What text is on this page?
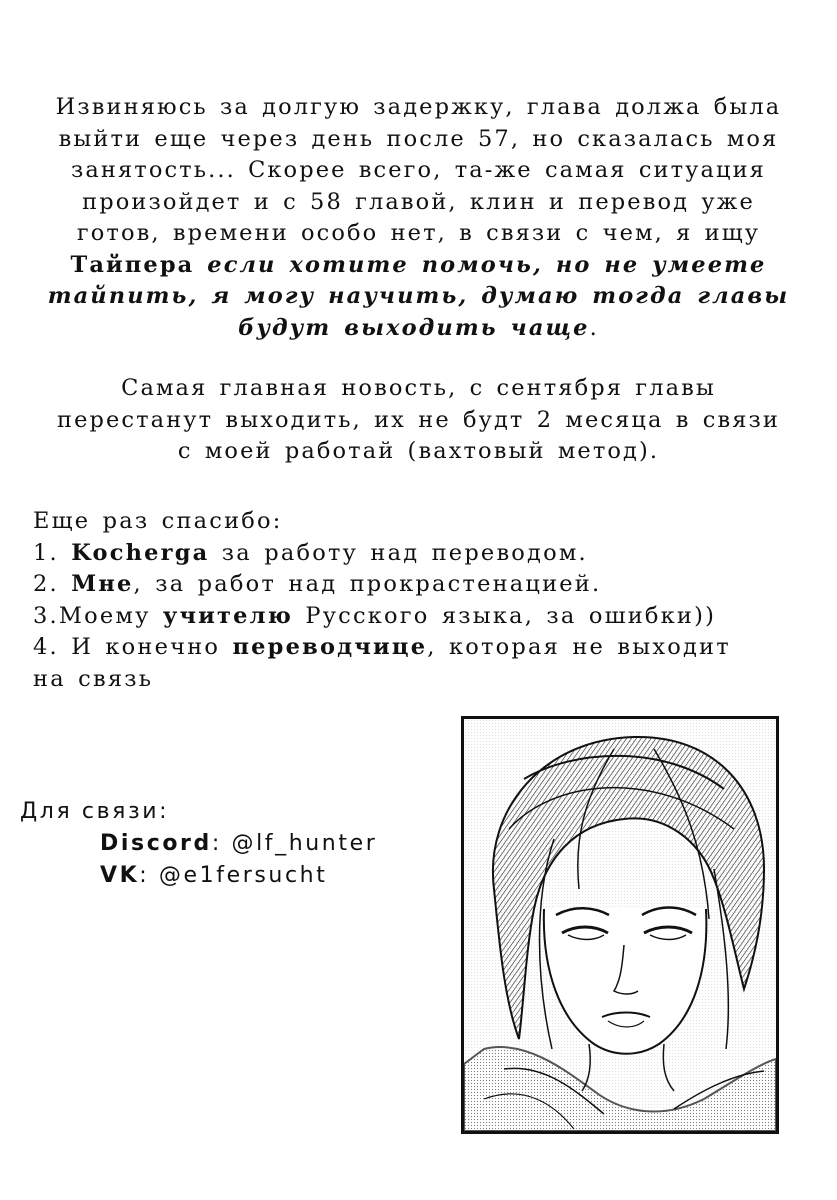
Извиняюсь за долгую задержку, глава должа была
выйти еще через день после 57, но сказалась моя
занятость... Скорее всего, та-же самая ситуация
произойдет и с 58 главой, клин и перевод уже
готов, времени особо нет, в связи с чем, я ищу
Тайпера если хотите помочь, но не умеете
тайпить, я могу научить, думаю тогда главы
будут выходить чаще.
Самая главная новость, с сентября главы
перестанут выходить, их не будт 2 месяца в связи
с моей работай (вахтовый метод).
Еще раз спасибо:
1. Kocherga за работу над переводом.
2. Мне, за работ над прокрастенацией.
3.Моему учителю Русского языка, за ошибки))
4. И конечно переводчице, которая не выходит
на связь
Для связи:
Discord: @lf_hunter
VK: @e1fersucht
